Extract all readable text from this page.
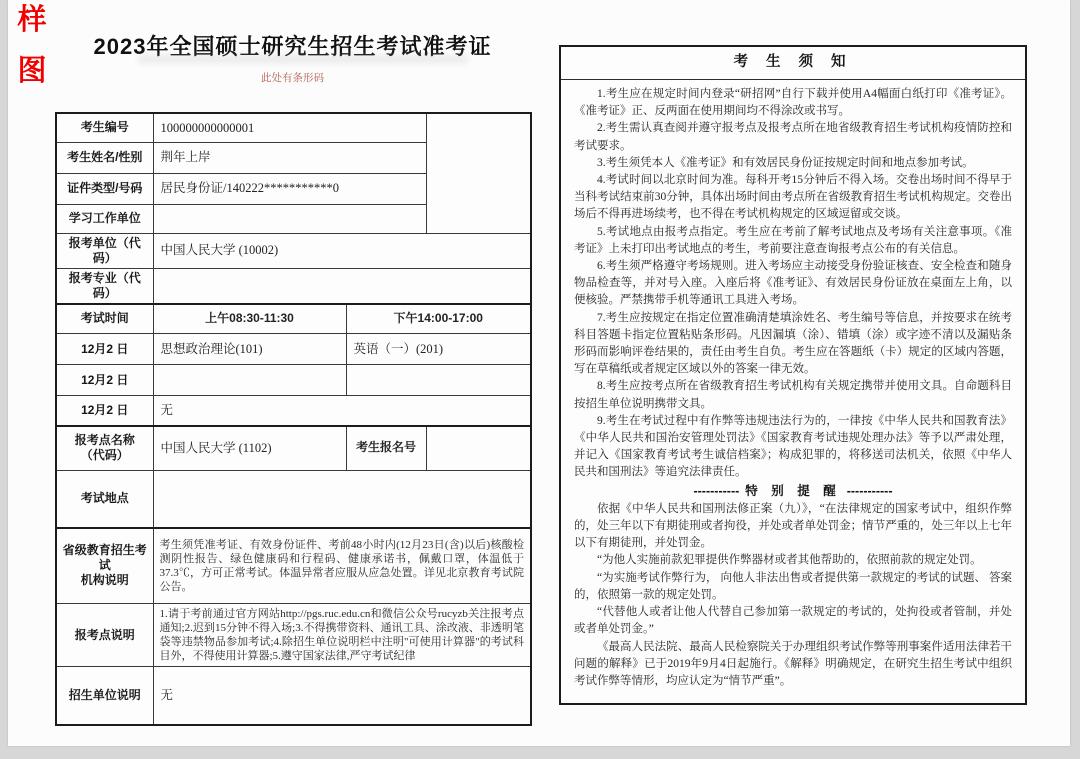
样
图
2023年全国硕士研究生招生考试准考证
此处有条形码
考生编号	100000000000001		
考生姓名/性别	荆年上岸		
证件类型/号码	居民身份证/140222***********0		
学习工作单位			
报考单位（代码）	中国人民大学 (10002)		
报考专业（代码）			
考试时间	上午08:30-11:30	下午14:00-17:00	
12月2 日	思想政治理论(101)	英语（一）(201)	
12月2 日			
12月2 日	无		

报考点名称
（代码）	中国人民大学 (1102)	考生报名号	
考试地点			

省级教育招生考试
机构说明	考生须凭准考证、有效身份证件、考前48小时内(12月23日(含)以后)核酸检测阴性报告、绿色健康码和行程码、健康承诺书，佩戴口罩，体温低于37.3℃，方可正常考试。体温异常者应服从应急处置。详见北京教育考试院公告。		
报考点说明	1.请于考前通过官方网站http://pgs.ruc.edu.cn和微信公众号rucyzb关注报考点通知;2.迟到15分钟不得入场;3.不得携带资料、通讯工具、涂改液、非透明笔袋等违禁物品参加考试;4.除招生单位说明栏中注明"可使用计算器"的考试科目外，不得使用计算器;5.遵守国家法律,严守考试纪律		
招生单位说明	无		
考 生 须 知

1.考生应在规定时间内登录“研招网”自行下载并使用A4幅面白纸打印《准考证》。《准考证》正、反两面在使用期间均不得涂改或书写。

2.考生需认真查阅并遵守报考点及报考点所在地省级教育招生考试机构疫情防控和考试要求。

3.考生须凭本人《准考证》和有效居民身份证按规定时间和地点参加考试。

4.考试时间以北京时间为准。每科开考15分钟后不得入场。交卷出场时间不得早于当科考试结束前30分钟，具体出场时间由考点所在省级教育招生考试机构规定。交卷出场后不得再进场续考，也不得在考试机构规定的区域逗留或交谈。

5.考试地点由报考点指定。考生应在考前了解考试地点及考场有关注意事项。《准考证》上未打印出考试地点的考生，考前要注意查询报考点公布的有关信息。

6.考生须严格遵守考场规则。进入考场应主动接受身份验证核查、安全检查和随身物品检查等，并对号入座。入座后将《准考证》、有效居民身份证放在桌面左上角，以便核验。严禁携带手机等通讯工具进入考场。

7.考生应按规定在指定位置准确清楚填涂姓名、考生编号等信息，并按要求在统考科目答题卡指定位置粘贴条形码。凡因漏填（涂）、错填（涂）或字迹不清以及漏贴条形码而影响评卷结果的，责任由考生自负。考生应在答题纸（卡）规定的区域内答题，写在草稿纸或者规定区域以外的答案一律无效。

8.考生应按考点所在省级教育招生考试机构有关规定携带并使用文具。自命题科目按招生单位说明携带文具。

9.考生在考试过程中有作弊等违规违法行为的，一律按《中华人民共和国教育法》《中华人民共和国治安管理处罚法》《国家教育考试违规处理办法》等予以严肃处理，并记入《国家教育考试考生诚信档案》；构成犯罪的，将移送司法机关，依照《中华人民共和国刑法》等追究法律责任。

----------- 特 别 提 醒 -----------

依据《中华人民共和国刑法修正案（九）》，“在法律规定的国家考试中，组织作弊的，处三年以下有期徒刑或者拘役，并处或者单处罚金；情节严重的，处三年以上七年以下有期徒刑，并处罚金。

“为他人实施前款犯罪提供作弊器材或者其他帮助的，依照前款的规定处罚。

“为实施考试作弊行为， 向他人非法出售或者提供第一款规定的考试的试题、 答案的，依照第一款的规定处罚。

“代替他人或者让他人代替自己参加第一款规定的考试的，处拘役或者管制，并处或者单处罚金。”

《最高人民法院、最高人民检察院关于办理组织考试作弊等刑事案件适用法律若干问题的解释》已于2019年9月4日起施行。《解释》明确规定，在研究生招生考试中组织考试作弊等情形，均应认定为“情节严重”。
